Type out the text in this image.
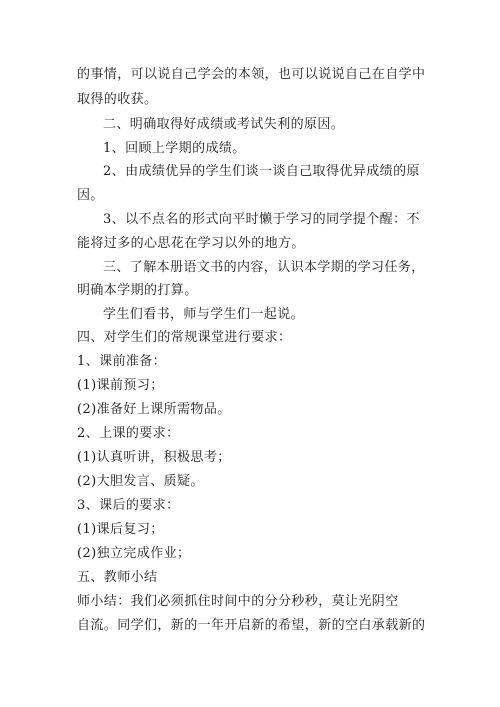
的事情，可以说自己学会的本领，也可以说说自己在自学中
取得的收获。
二、明确取得好成绩或考试失利的原因。
1、回顾上学期的成绩。
2、由成绩优异的学生们谈一谈自己取得优异成绩的原
因。
3、以不点名的形式向平时懒于学习的同学提个醒：不
能将过多的心思花在学习以外的地方。
三、了解本册语文书的内容，认识本学期的学习任务，
明确本学期的打算。
学生们看书，师与学生们一起说。
四、对学生们的常规课堂进行要求：
1、课前准备：
(1)课前预习；
(2)准备好上课所需物品。
2、上课的要求：
(1)认真听讲，积极思考；
(2)大胆发言、质疑。
3、课后的要求：
(1)课后复习；
(2)独立完成作业；
五、教师小结
师小结：我们必须抓住时间中的分分秒秒，莫让光阴空
自流。同学们，新的一年开启新的希望，新的空白承载新的
